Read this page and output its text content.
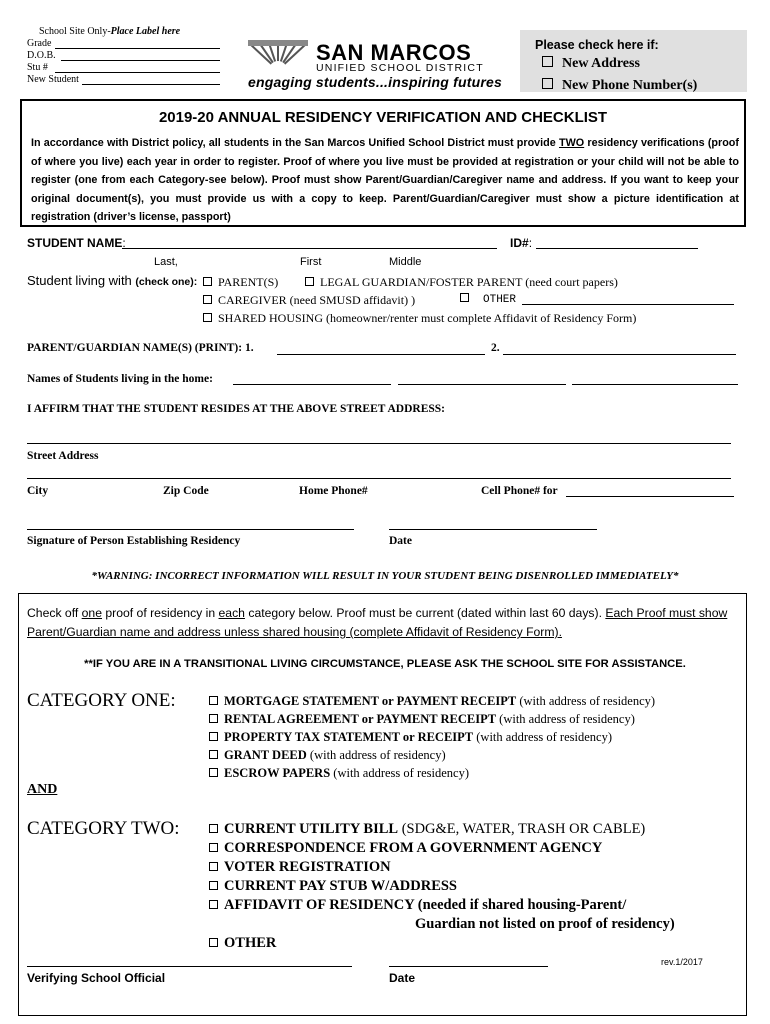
School Site Only-Place Label here
Grade
D.O.B.
Stu #
New Student
SAN MARCOS
UNIFIED SCHOOL DISTRICT
engaging students...inspiring futures
Please check here if:
New Address
New Phone Number(s)
2019-20 ANNUAL RESIDENCY VERIFICATION AND CHECKLIST
In accordance with District policy, all students in the San Marcos Unified School District must provide TWO residency verifications (proof of where you live) each year in order to register. Proof of where you live must be provided at registration or your child will not be able to register (one from each Category-see below). Proof must show Parent/Guardian/Caregiver name and address. If you want to keep your original document(s), you must provide us with a copy to keep. Parent/Guardian/Caregiver must show a picture identification at registration (driver’s license, passport)
STUDENT NAME:	ID#:
Last,	First	Middle
Student living with (check one):	PARENT(S)	LEGAL GUARDIAN/FOSTER PARENT (need court papers)
CAREGIVER (need SMUSD affidavit) )	OTHER
SHARED HOUSING (homeowner/renter must complete Affidavit of Residency Form)
PARENT/GUARDIAN NAME(S) (PRINT): 1.	2.
Names of Students living in the home:
I AFFIRM THAT THE STUDENT RESIDES AT THE ABOVE STREET ADDRESS:
Street Address
City	Zip Code	Home Phone#	Cell Phone# for
Signature of Person Establishing Residency	Date
*WARNING: INCORRECT INFORMATION WILL RESULT IN YOUR STUDENT BEING DISENROLLED IMMEDIATELY*
Check off one proof of residency in each category below. Proof must be current (dated within last 60 days). Each Proof must show Parent/Guardian name and address unless shared housing (complete Affidavit of Residency Form).
**IF YOU ARE IN A TRANSITIONAL LIVING CIRCUMSTANCE, PLEASE ASK THE SCHOOL SITE FOR ASSISTANCE.
CATEGORY ONE:	MORTGAGE STATEMENT or PAYMENT RECEIPT (with address of residency)
RENTAL AGREEMENT or PAYMENT RECEIPT (with address of residency)
PROPERTY TAX STATEMENT or RECEIPT (with address of residency)
GRANT DEED (with address of residency)
ESCROW PAPERS (with address of residency)
AND
CATEGORY TWO:	CURRENT UTILITY BILL (SDG&E, WATER, TRASH OR CABLE)
CORRESPONDENCE FROM A GOVERNMENT AGENCY
VOTER REGISTRATION
CURRENT PAY STUB W/ADDRESS
AFFIDAVIT OF RESIDENCY (needed if shared housing-Parent/
Guardian not listed on proof of residency)
OTHER
rev.1/2017
Verifying School Official	Date
